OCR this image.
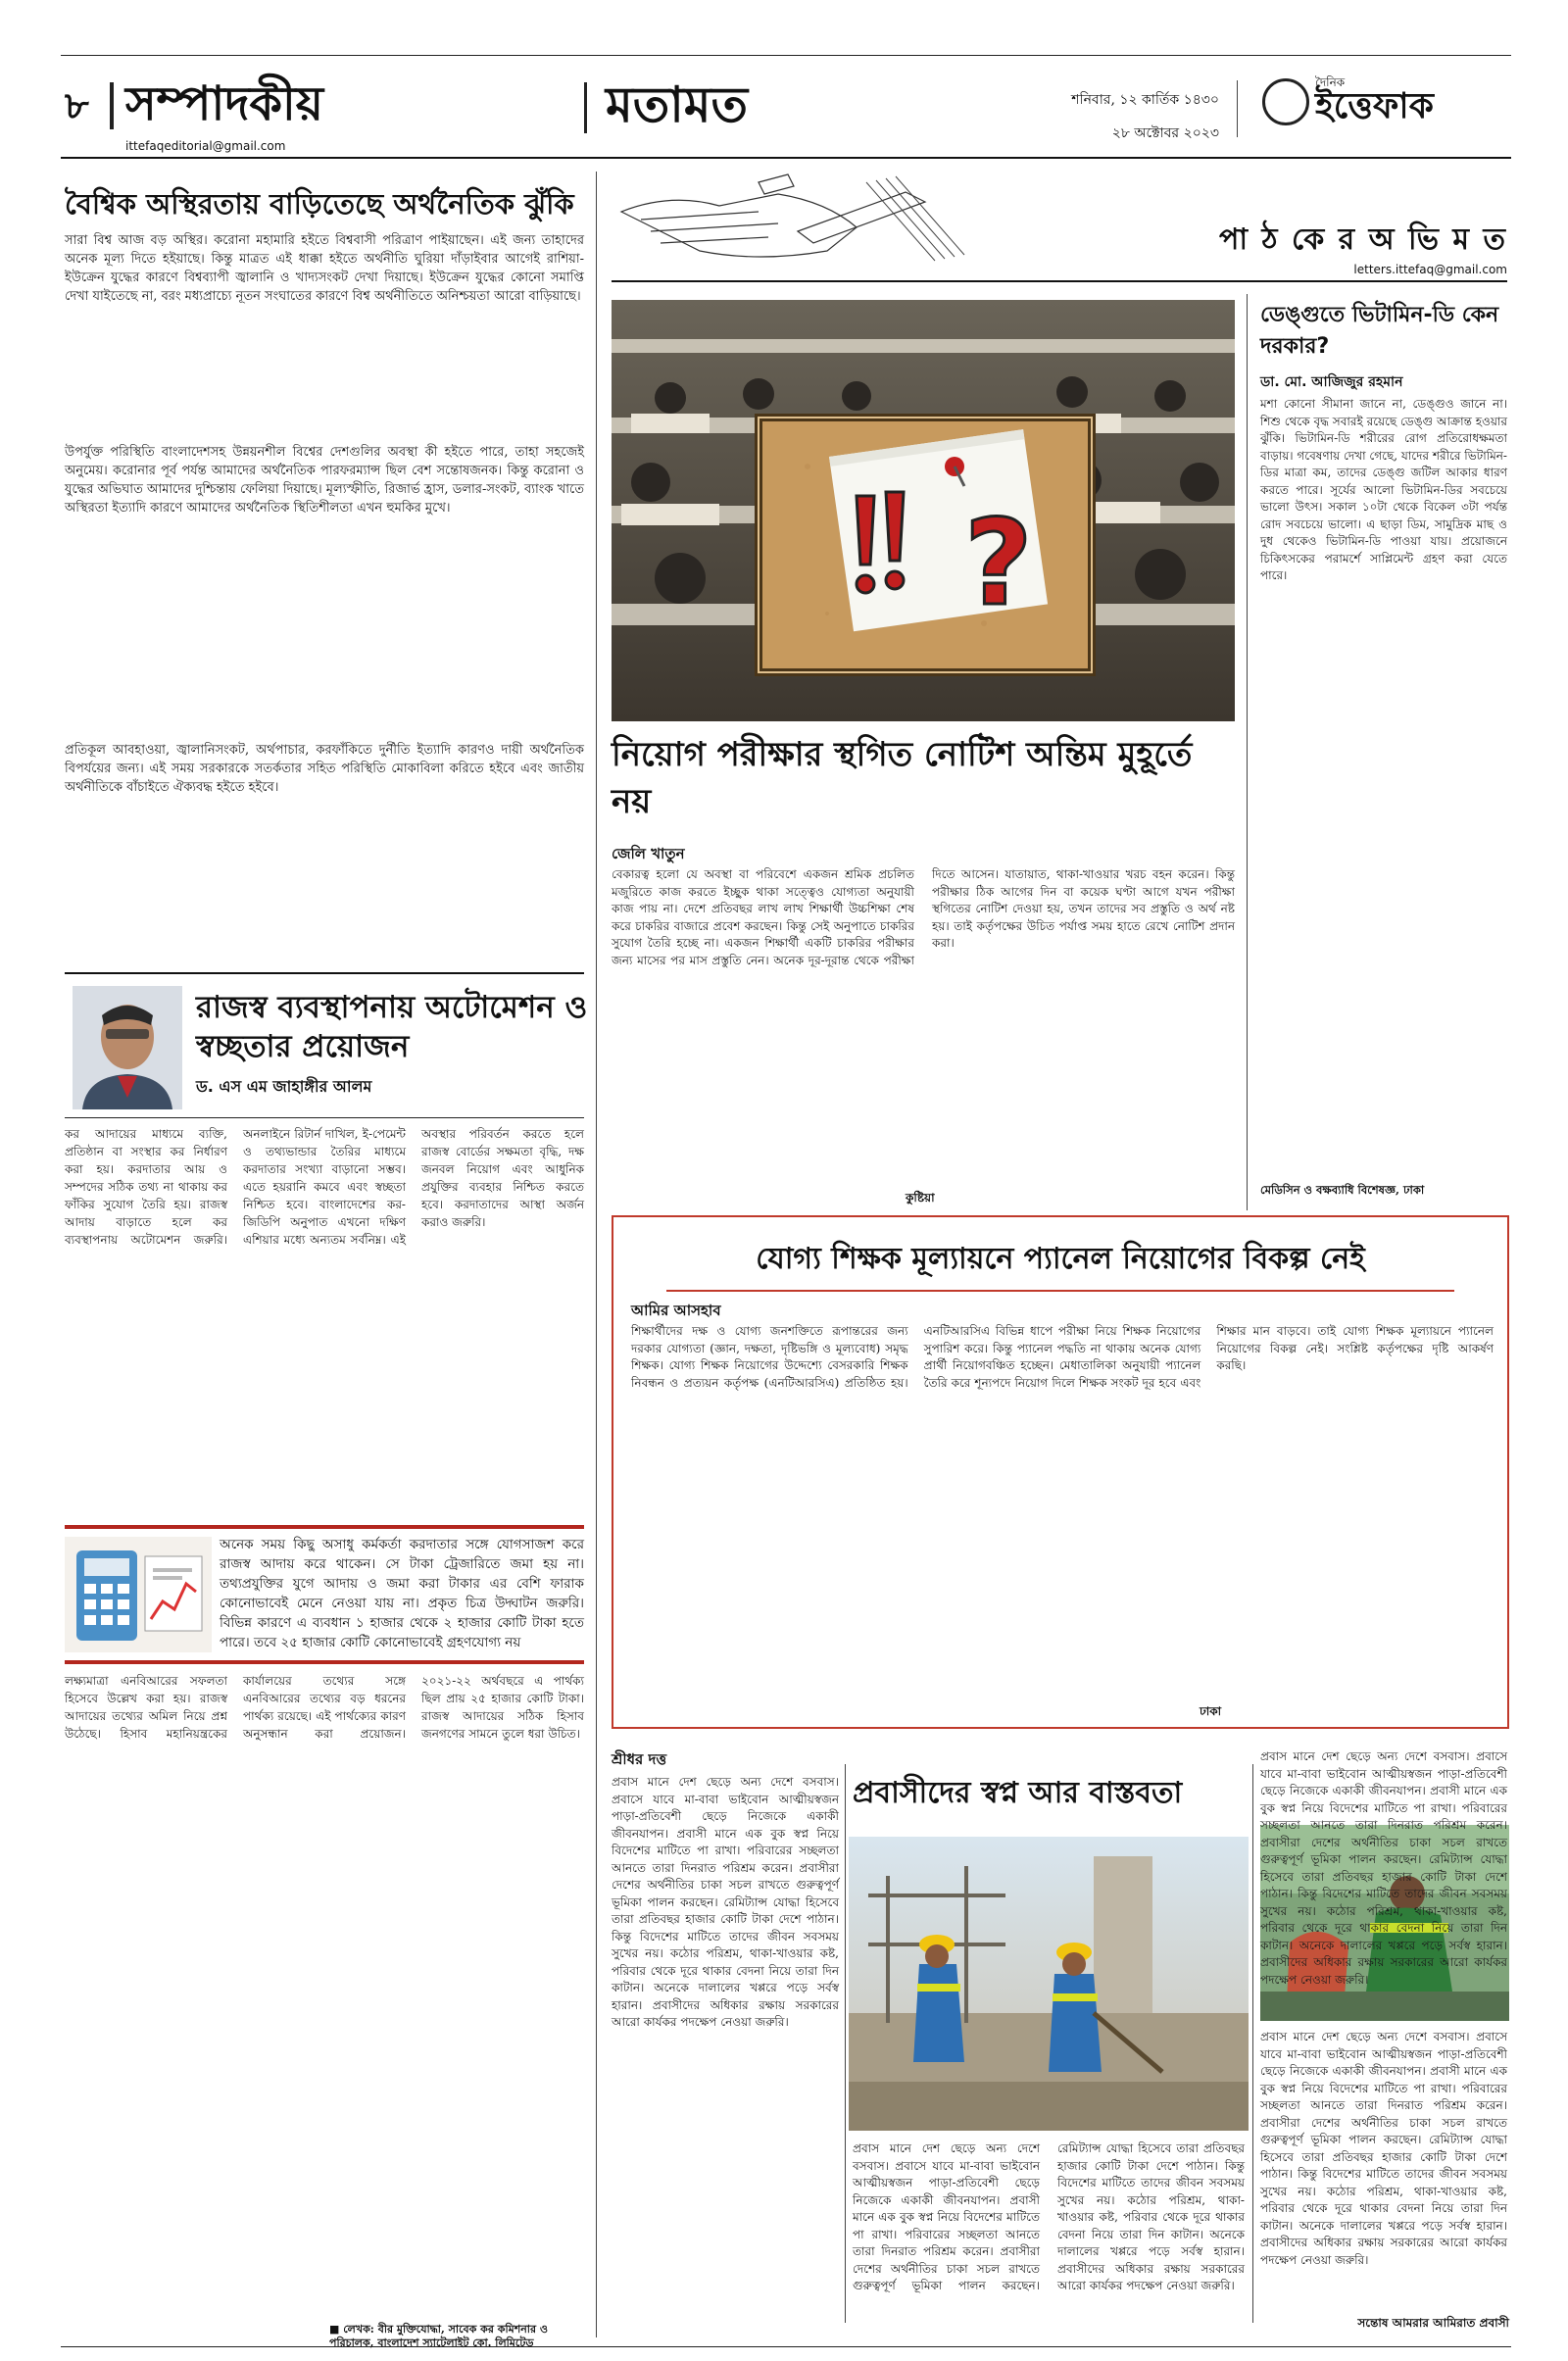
৮ সম্পাদকীয়
ittefaqeditorial@gmail.com
মতামত	শনিবার, ১২ কার্তিক ১৪৩০
২৮ অক্টোবর ২০২৩
দৈনিক
ইত্তেফাক
বৈশ্বিক অস্থিরতায় বাড়িতেছে অর্থনৈতিক ঝুঁকি

সারা বিশ্ব আজ বড় অস্থির। করোনা মহামারি হইতে বিশ্ববাসী পরিত্রাণ পাইয়াছেন। এই জন্য তাহাদের অনেক মূল্য দিতে হইয়াছে। কিন্তু মাত্রত এই ধাক্কা হইতে অর্থনীতি ঘুরিয়া দাঁড়াইবার আগেই রাশিয়া-ইউক্রেন যুদ্ধের কারণে বিশ্বব্যাপী জ্বালানি ও খাদ্যসংকট দেখা দিয়াছে। ইউক্রেন যুদ্ধের কোনো সমাপ্তি দেখা যাইতেছে না, বরং মধ্যপ্রাচ্যে নূতন সংঘাতের কারণে বিশ্ব অর্থনীতিতে অনিশ্চয়তা আরো বাড়িয়াছে।

উপর্যুক্ত পরিস্থিতি বাংলাদেশসহ উন্নয়নশীল বিশ্বের দেশগুলির অবস্থা কী হইতে পারে, তাহা সহজেই অনুমেয়। করোনার পূর্ব পর্যন্ত আমাদের অর্থনৈতিক পারফরম্যান্স ছিল বেশ সন্তোষজনক। কিন্তু করোনা ও যুদ্ধের অভিঘাত আমাদের দুশ্চিন্তায় ফেলিয়া দিয়াছে। মূল্যস্ফীতি, রিজার্ভ হ্রাস, ডলার-সংকট, ব্যাংক খাতে অস্থিরতা ইত্যাদি কারণে আমাদের অর্থনৈতিক স্থিতিশীলতা এখন হুমকির মুখে।

প্রতিকূল আবহাওয়া, জ্বালানিসংকট, অর্থপাচার, করফাঁকিতে দুর্নীতি ইত্যাদি কারণও দায়ী অর্থনৈতিক বিপর্যয়ের জন্য। এই সময় সরকারকে সতর্কতার সহিত পরিস্থিতি মোকাবিলা করিতে হইবে এবং জাতীয় অর্থনীতিকে বাঁচাইতে ঐক্যবদ্ধ হইতে হইবে।

রাজস্ব ব্যবস্থাপনায় অটোমেশন ও স্বচ্ছতার প্রয়োজন
ড. এস এম জাহাঙ্গীর আলম

কর আদায়ের মাধ্যমে ব্যক্তি, প্রতিষ্ঠান বা সংস্থার কর নির্ধারণ করা হয়। করদাতার আয় ও সম্পদের সঠিক তথ্য না থাকায় কর ফাঁকির সুযোগ তৈরি হয়। রাজস্ব আদায় বাড়াতে হলে কর ব্যবস্থাপনায় অটোমেশন জরুরি। অনলাইনে রিটার্ন দাখিল, ই-পেমেন্ট ও তথ্যভান্ডার তৈরির মাধ্যমে করদাতার সংখ্যা বাড়ানো সম্ভব। এতে হয়রানি কমবে এবং স্বচ্ছতা নিশ্চিত হবে। বাংলাদেশের কর-জিডিপি অনুপাত এখনো দক্ষিণ এশিয়ার মধ্যে অন্যতম সর্বনিম্ন। এই অবস্থার পরিবর্তন করতে হলে রাজস্ব বোর্ডের সক্ষমতা বৃদ্ধি, দক্ষ জনবল নিয়োগ এবং আধুনিক প্রযুক্তির ব্যবহার নিশ্চিত করতে হবে। করদাতাদের আস্থা অর্জন করাও জরুরি।

অনেক সময় কিছু অসাধু কর্মকর্তা করদাতার সঙ্গে যোগসাজশ করে রাজস্ব আদায় করে থাকেন। সে টাকা ট্রেজারিতে জমা হয় না। তথ্যপ্রযুক্তির যুগে আদায় ও জমা করা টাকার এর বেশি ফারাক কোনোভাবেই মেনে নেওয়া যায় না। প্রকৃত চিত্র উদ্ঘাটন জরুরি। বিভিন্ন কারণে এ ব্যবধান ১ হাজার থেকে ২ হাজার কোটি টাকা হতে পারে। তবে ২৫ হাজার কোটি কোনোভাবেই গ্রহণযোগ্য নয়

লক্ষ্যমাত্রা এনবিআরের সফলতা হিসেবে উল্লেখ করা হয়। রাজস্ব আদায়ের তথ্যের অমিল নিয়ে প্রশ্ন উঠেছে। হিসাব মহানিয়ন্ত্রকের কার্যালয়ের তথ্যের সঙ্গে এনবিআরের তথ্যের বড় ধরনের পার্থক্য রয়েছে। এই পার্থক্যের কারণ অনুসন্ধান করা প্রয়োজন। ২০২১-২২ অর্থবছরে এ পার্থক্য ছিল প্রায় ২৫ হাজার কোটি টাকা। রাজস্ব আদায়ের সঠিক হিসাব জনগণের সামনে তুলে ধরা উচিত।

■ লেখক: বীর মুক্তিযোদ্ধা, সাবেক কর কমিশনার ও পরিচালক, বাংলাদেশ স্যাটেলাইট কো. লিমিটেড
পা ঠ কে র অ ভি ম ত
letters.ittefaq@gmail.com
?
নিয়োগ পরীক্ষার স্থগিত নোটিশ অন্তিম মুহূর্তে নয়
জেলি খাতুন

বেকারত্ব হলো যে অবস্থা বা পরিবেশে একজন শ্রমিক প্রচলিত মজুরিতে কাজ করতে ইচ্ছুক থাকা সত্ত্বেও যোগ্যতা অনুযায়ী কাজ পায় না। দেশে প্রতিবছর লাখ লাখ শিক্ষার্থী উচ্চশিক্ষা শেষ করে চাকরির বাজারে প্রবেশ করছেন। কিন্তু সেই অনুপাতে চাকরির সুযোগ তৈরি হচ্ছে না। একজন শিক্ষার্থী একটি চাকরির পরীক্ষার জন্য মাসের পর মাস প্রস্তুতি নেন। অনেক দূর-দূরান্ত থেকে পরীক্ষা দিতে আসেন। যাতায়াত, থাকা-খাওয়ার খরচ বহন করেন। কিন্তু পরীক্ষার ঠিক আগের দিন বা কয়েক ঘণ্টা আগে যখন পরীক্ষা স্থগিতের নোটিশ দেওয়া হয়, তখন তাদের সব প্রস্তুতি ও অর্থ নষ্ট হয়। তাই কর্তৃপক্ষের উচিত পর্যাপ্ত সময় হাতে রেখে নোটিশ প্রদান করা।

কুষ্টিয়া
ডেঙ্গুতে ভিটামিন-ডি কেন দরকার?
ডা. মো. আজিজুর রহমান

মশা কোনো সীমানা জানে না, ডেঙ্গুও জানে না। শিশু থেকে বৃদ্ধ সবারই রয়েছে ডেঙ্গু আক্রান্ত হওয়ার ঝুঁকি। ভিটামিন-ডি শরীরের রোগ প্রতিরোধক্ষমতা বাড়ায়। গবেষণায় দেখা গেছে, যাদের শরীরে ভিটামিন-ডির মাত্রা কম, তাদের ডেঙ্গু জটিল আকার ধারণ করতে পারে। সূর্যের আলো ভিটামিন-ডির সবচেয়ে ভালো উৎস। সকাল ১০টা থেকে বিকেল ৩টা পর্যন্ত রোদ সবচেয়ে ভালো। এ ছাড়া ডিম, সামুদ্রিক মাছ ও দুধ থেকেও ভিটামিন-ডি পাওয়া যায়। প্রয়োজনে চিকিৎসকের পরামর্শে সাপ্লিমেন্ট গ্রহণ করা যেতে পারে।

মেডিসিন ও বক্ষব্যাধি বিশেষজ্ঞ, ঢাকা
যোগ্য শিক্ষক মূল্যায়নে প্যানেল নিয়োগের বিকল্প নেই
আমির আসহাব

শিক্ষার্থীদের দক্ষ ও যোগ্য জনশক্তিতে রূপান্তরের জন্য দরকার যোগ্যতা (জ্ঞান, দক্ষতা, দৃষ্টিভঙ্গি ও মূল্যবোধ) সমৃদ্ধ শিক্ষক। যোগ্য শিক্ষক নিয়োগের উদ্দেশ্যে বেসরকারি শিক্ষক নিবন্ধন ও প্রত্যয়ন কর্তৃপক্ষ (এনটিআরসিএ) প্রতিষ্ঠিত হয়। এনটিআরসিএ বিভিন্ন ধাপে পরীক্ষা নিয়ে শিক্ষক নিয়োগের সুপারিশ করে। কিন্তু প্যানেল পদ্ধতি না থাকায় অনেক যোগ্য প্রার্থী নিয়োগবঞ্চিত হচ্ছেন। মেধাতালিকা অনুযায়ী প্যানেল তৈরি করে শূন্যপদে নিয়োগ দিলে শিক্ষক সংকট দূর হবে এবং শিক্ষার মান বাড়বে। তাই যোগ্য শিক্ষক মূল্যায়নে প্যানেল নিয়োগের বিকল্প নেই। সংশ্লিষ্ট কর্তৃপক্ষের দৃষ্টি আকর্ষণ করছি।

ঢাকা
শ্রীধর দত্ত

প্রবাস মানে দেশ ছেড়ে অন্য দেশে বসবাস। প্রবাসে যাবে মা-বাবা ভাইবোন আত্মীয়স্বজন পাড়া-প্রতিবেশী ছেড়ে নিজেকে একাকী জীবনযাপন। প্রবাসী মানে এক বুক স্বপ্ন নিয়ে বিদেশের মাটিতে পা রাখা। পরিবারের সচ্ছলতা আনতে তারা দিনরাত পরিশ্রম করেন। প্রবাসীরা দেশের অর্থনীতির চাকা সচল রাখতে গুরুত্বপূর্ণ ভূমিকা পালন করছেন। রেমিট্যান্স যোদ্ধা হিসেবে তারা প্রতিবছর হাজার কোটি টাকা দেশে পাঠান। কিন্তু বিদেশের মাটিতে তাদের জীবন সবসময় সুখের নয়। কঠোর পরিশ্রম, থাকা-খাওয়ার কষ্ট, পরিবার থেকে দূরে থাকার বেদনা নিয়ে তারা দিন কাটান। অনেকে দালালের খপ্পরে পড়ে সর্বস্ব হারান। প্রবাসীদের অধিকার রক্ষায় সরকারের আরো কার্যকর পদক্ষেপ নেওয়া জরুরি।

প্রবাসীদের স্বপ্ন আর বাস্তবতা

প্রবাস মানে দেশ ছেড়ে অন্য দেশে বসবাস। প্রবাসে যাবে মা-বাবা ভাইবোন আত্মীয়স্বজন পাড়া-প্রতিবেশী ছেড়ে নিজেকে একাকী জীবনযাপন। প্রবাসী মানে এক বুক স্বপ্ন নিয়ে বিদেশের মাটিতে পা রাখা। পরিবারের সচ্ছলতা আনতে তারা দিনরাত পরিশ্রম করেন। প্রবাসীরা দেশের অর্থনীতির চাকা সচল রাখতে গুরুত্বপূর্ণ ভূমিকা পালন করছেন। রেমিট্যান্স যোদ্ধা হিসেবে তারা প্রতিবছর হাজার কোটি টাকা দেশে পাঠান। কিন্তু বিদেশের মাটিতে তাদের জীবন সবসময় সুখের নয়। কঠোর পরিশ্রম, থাকা-খাওয়ার কষ্ট, পরিবার থেকে দূরে থাকার বেদনা নিয়ে তারা দিন কাটান। অনেকে দালালের খপ্পরে পড়ে সর্বস্ব হারান। প্রবাসীদের অধিকার রক্ষায় সরকারের আরো কার্যকর পদক্ষেপ নেওয়া জরুরি।

প্রবাস মানে দেশ ছেড়ে অন্য দেশে বসবাস। প্রবাসে যাবে মা-বাবা ভাইবোন আত্মীয়স্বজন পাড়া-প্রতিবেশী ছেড়ে নিজেকে একাকী জীবনযাপন। প্রবাসী মানে এক বুক স্বপ্ন নিয়ে বিদেশের মাটিতে পা রাখা। পরিবারের সচ্ছলতা আনতে তারা দিনরাত পরিশ্রম করেন। প্রবাসীরা দেশের অর্থনীতির চাকা সচল রাখতে গুরুত্বপূর্ণ ভূমিকা পালন করছেন। রেমিট্যান্স যোদ্ধা হিসেবে তারা প্রতিবছর হাজার কোটি টাকা দেশে পাঠান। কিন্তু বিদেশের মাটিতে তাদের জীবন সবসময় সুখের নয়। কঠোর পরিশ্রম, থাকা-খাওয়ার কষ্ট, পরিবার থেকে দূরে থাকার বেদনা নিয়ে তারা দিন কাটান। অনেকে দালালের খপ্পরে পড়ে সর্বস্ব হারান। প্রবাসীদের অধিকার রক্ষায় সরকারের আরো কার্যকর পদক্ষেপ নেওয়া জরুরি।

প্রবাস মানে দেশ ছেড়ে অন্য দেশে বসবাস। প্রবাসে যাবে মা-বাবা ভাইবোন আত্মীয়স্বজন পাড়া-প্রতিবেশী ছেড়ে নিজেকে একাকী জীবনযাপন। প্রবাসী মানে এক বুক স্বপ্ন নিয়ে বিদেশের মাটিতে পা রাখা। পরিবারের সচ্ছলতা আনতে তারা দিনরাত পরিশ্রম করেন। প্রবাসীরা দেশের অর্থনীতির চাকা সচল রাখতে গুরুত্বপূর্ণ ভূমিকা পালন করছেন। রেমিট্যান্স যোদ্ধা হিসেবে তারা প্রতিবছর হাজার কোটি টাকা দেশে পাঠান। কিন্তু বিদেশের মাটিতে তাদের জীবন সবসময় সুখের নয়। কঠোর পরিশ্রম, থাকা-খাওয়ার কষ্ট, পরিবার থেকে দূরে থাকার বেদনা নিয়ে তারা দিন কাটান। অনেকে দালালের খপ্পরে পড়ে সর্বস্ব হারান। প্রবাসীদের অধিকার রক্ষায় সরকারের আরো কার্যকর পদক্ষেপ নেওয়া জরুরি।

সন্তোষ আমরার আমিরাত প্রবাসী
